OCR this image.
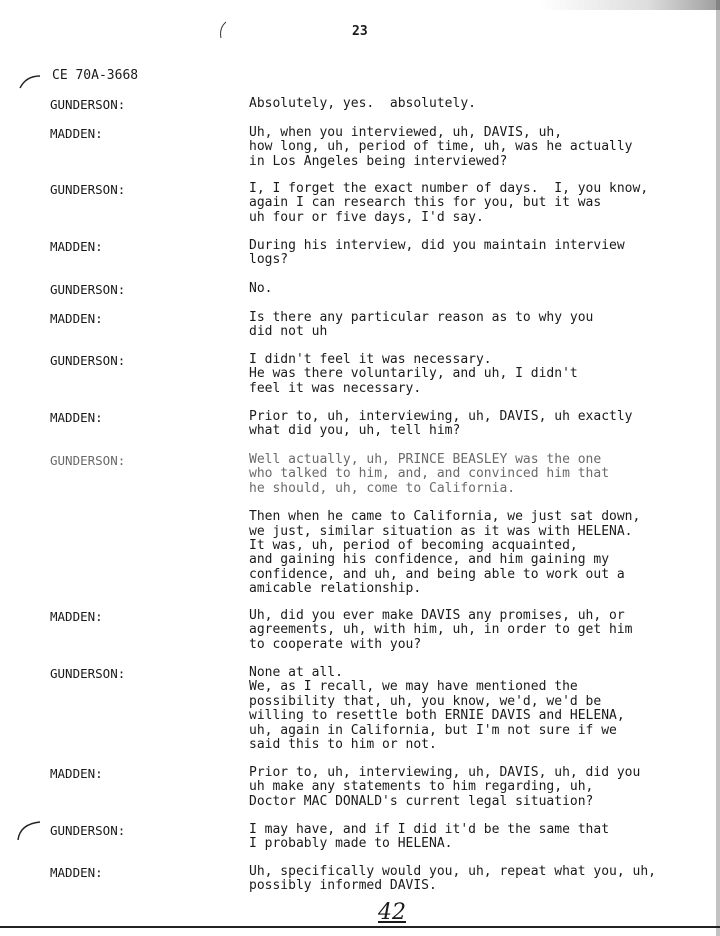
23
CE 70A-3668
GUNDERSON:	Absolutely, yes.  absolutely.

MADDEN:	Uh, when you interviewed, uh, DAVIS, uh,

how long, uh, period of time, uh, was he actually

in Los Angeles being interviewed?

GUNDERSON:	I, I forget the exact number of days.  I, you know,

again I can research this for you, but it was

uh four or five days, I'd say.

MADDEN:	During his interview, did you maintain interview

logs?

GUNDERSON:	No.

MADDEN:	Is there any particular reason as to why you

did not uh

GUNDERSON:	I didn't feel it was necessary.

He was there voluntarily, and uh, I didn't

feel it was necessary.

MADDEN:	Prior to, uh, interviewing, uh, DAVIS, uh exactly

what did you, uh, tell him?

GUNDERSON:	Well actually, uh, PRINCE BEASLEY was the one

who talked to him, and, and convinced him that

he should, uh, come to California.

Then when he came to California, we just sat down,

we just, similar situation as it was with HELENA.

It was, uh, period of becoming acquainted,

and gaining his confidence, and him gaining my

confidence, and uh, and being able to work out a

amicable relationship.

MADDEN:	Uh, did you ever make DAVIS any promises, uh, or

agreements, uh, with him, uh, in order to get him

to cooperate with you?

GUNDERSON:	None at all.

We, as I recall, we may have mentioned the

possibility that, uh, you know, we'd, we'd be

willing to resettle both ERNIE DAVIS and HELENA,

uh, again in California, but I'm not sure if we

said this to him or not.

MADDEN:	Prior to, uh, interviewing, uh, DAVIS, uh, did you

uh make any statements to him regarding, uh,

Doctor MAC DONALD's current legal situation?

GUNDERSON:	I may have, and if I did it'd be the same that

I probably made to HELENA.

MADDEN:	Uh, specifically would you, uh, repeat what you, uh,

possibly informed DAVIS.

42
